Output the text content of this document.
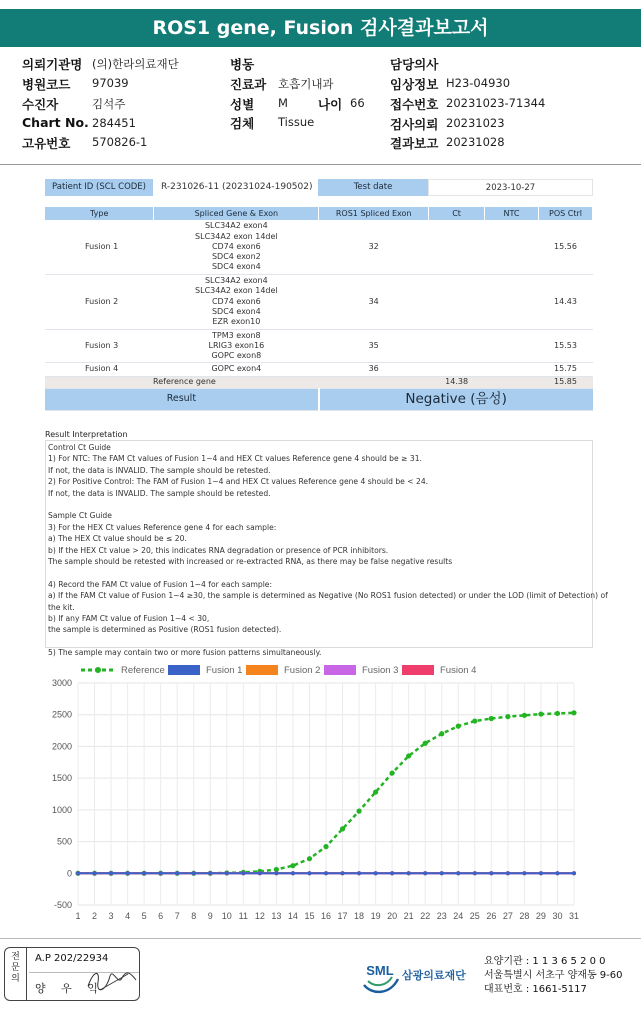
ROS1 gene, Fusion 검사결과보고서
의뢰기관명 (의)한라의료재단
병원코드 97039
수진자	김석주
Chart No. 284451
고유번호 570826-1
병동
진료과 호흡기내과
성별 M 나이 66
검체 Tissue
담당의사
임상정보 H23-04930
접수번호 20231023-71344
검사의뢰 20231023
결과보고 20231028
Patient ID (SCL CODE)	R-231026-11 (20231024-190502)	Test date	2023-10-27
Type	Spliced Gene & Exon	ROS1 Spliced Exon	Ct	NTC	POS Ctrl
Fusion 1	SLC34A2 exon4
SLC34A2 exon 14del
CD74 exon6
SDC4 exon2
SDC4 exon4	32			15.56
Fusion 2	SLC34A2 exon4
SLC34A2 exon 14del
CD74 exon6
SDC4 exon4
EZR exon10	34			14.43
Fusion 3	TPM3 exon8
LRIG3 exon16
GOPC exon8	35			15.53
Fusion 4	GOPC exon4	36			15.75
Reference gene			14.38		15.85
Result		Negative (음성)			
Result Interpretation
Control Ct Guide
1) For NTC: The FAM Ct values of Fusion 1~4 and HEX Ct values Reference gene 4 should be ≥ 31.
If not, the data is INVALID. The sample should be retested.
2) For Positive Control: The FAM of Fusion 1~4 and HEX Ct values Reference gene 4 should be < 24.
If not, the data is INVALID. The sample should be retested.
Sample Ct Guide
3) For the HEX Ct values Reference gene 4 for each sample:
a) The HEX Ct value should be ≤ 20.
b) If the HEX Ct value > 20, this indicates RNA degradation or presence of PCR inhibitors.
The sample should be retested with increased or re-extracted RNA, as there may be false negative results
4) Record the FAM Ct value of Fusion 1~4 for each sample:
a) If the FAM Ct value of Fusion 1~4 ≥30, the sample is determined as Negative (No ROS1 fusion detected) or under the LOD (limit of Detection) of
the kit.
b) If any FAM Ct value of Fusion 1~4 < 30,
the sample is determined as Positive (ROS1 fusion detected).
5) The sample may contain two or more fusion patterns simultaneously.
-500
0
500
1000
1500
2000
2500
3000
1 2 3 4 5 6 7 8 9 10 11 12 13 14 15 16 17 18 19 20 21 22 23 24 25 26 27 28 29 30 31
Reference	Fusion 1	Fusion 2	Fusion 3	Fusion 4
전
문
의
A.P 202/22934
양 우 익
SML 삼광의료재단
요양기관 : 1 1 3 6 5 2 0 0
서울특별시 서초구 양재동 9-60
대표번호 : 1661-5117
